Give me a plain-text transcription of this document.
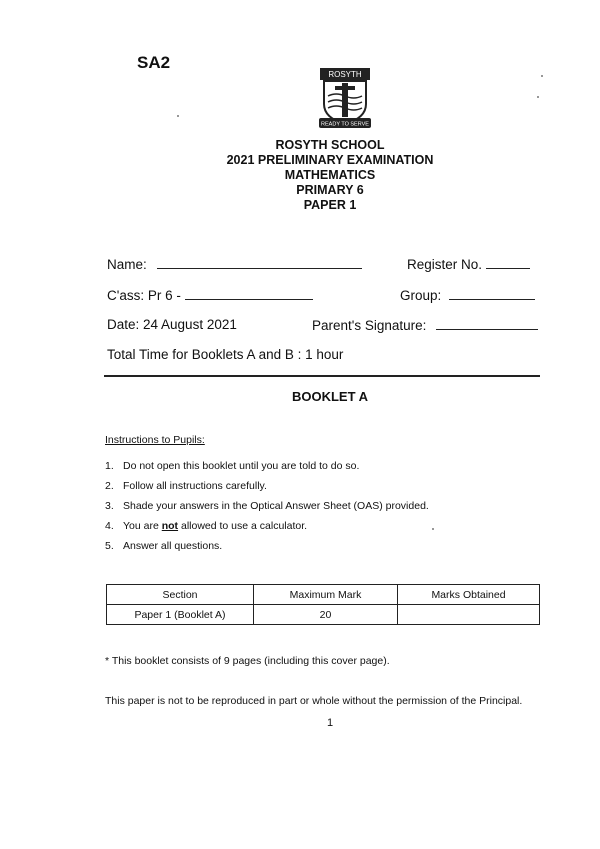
SA2
ROSYTH
READY TO SERVE
ROSYTH SCHOOL
2021 PRELIMINARY EXAMINATION
MATHEMATICS
PRIMARY 6
PAPER 1
Name:	Register No.
C'ass: Pr 6 -	Group:
Date: 24 August 2021	Parent's Signature:
Total Time for Booklets A and B : 1 hour
BOOKLET A
Instructions to Pupils:
1. Do not open this booklet until you are told to do so.
2. Follow all instructions carefully.
3. Shade your answers in the Optical Answer Sheet (OAS) provided.
4. You are not allowed to use a calculator.
5. Answer all questions.
Section	Maximum Mark	Marks Obtained
Paper 1 (Booklet A)	20	
* This booklet consists of 9 pages (including this cover page).
This paper is not to be reproduced in part or whole without the permission of the Principal.
1
